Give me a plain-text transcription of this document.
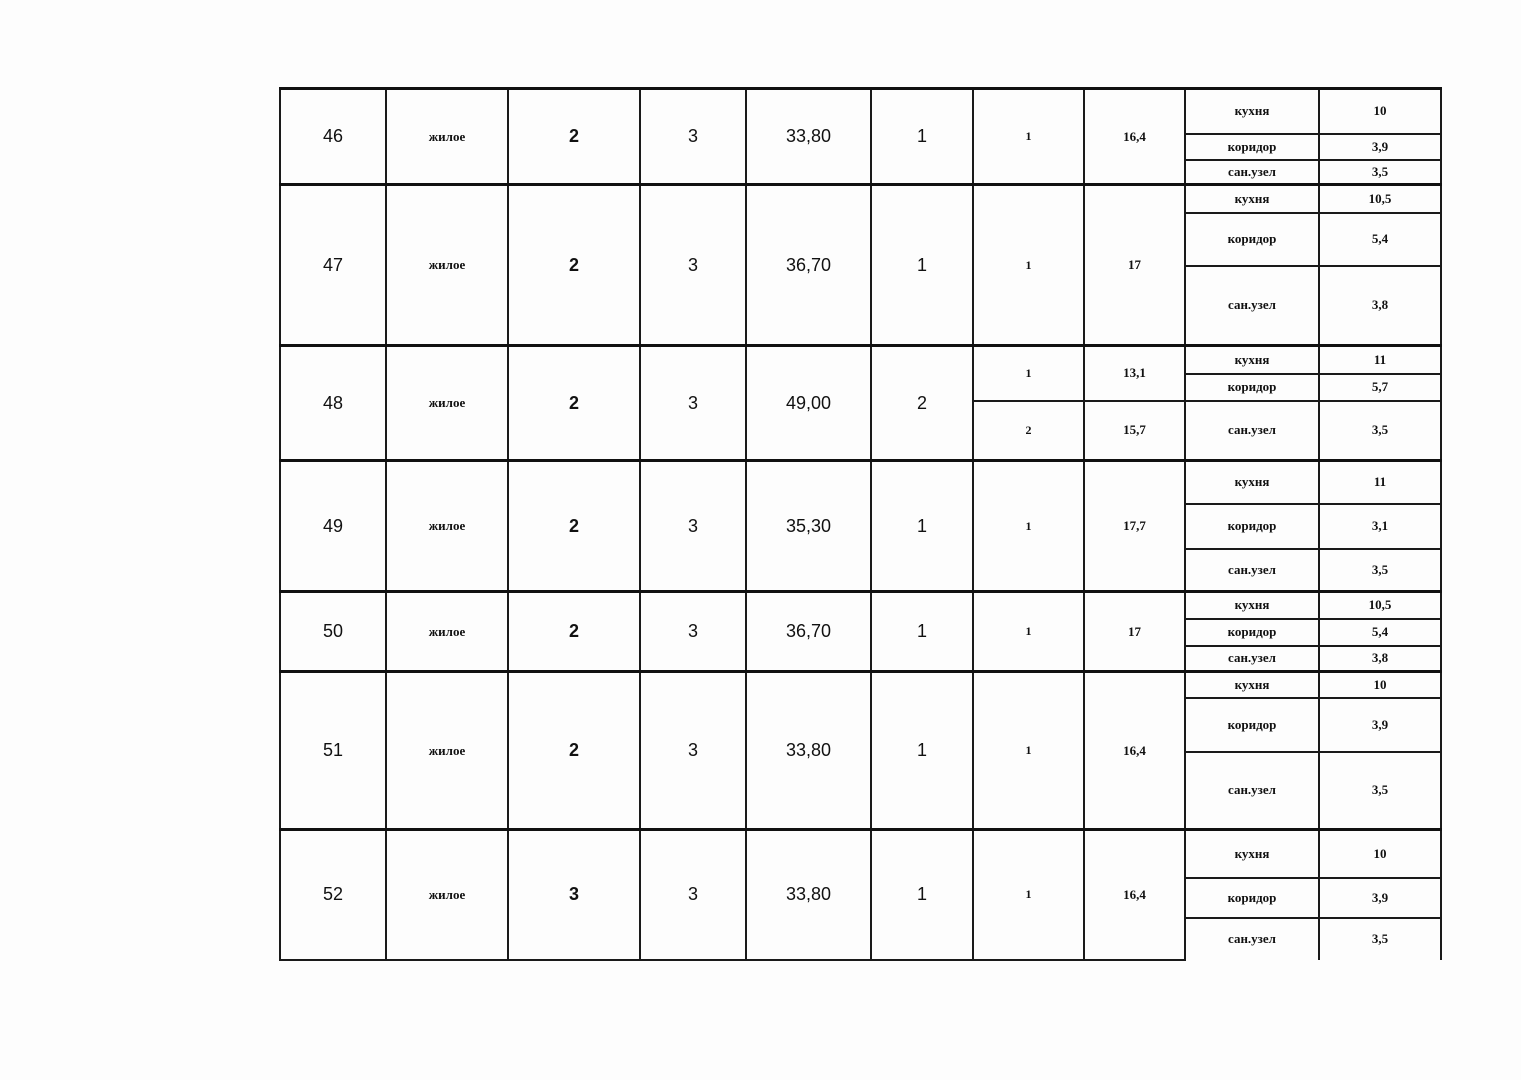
46	жилое	2	3	33,80	1	1	16,4	кухня	10
								коридор	3,9
								сан.узел	3,5
47	жилое	2	3	36,70	1	1	17	кухня	10,5
								коридор	5,4
								сан.узел	3,8
48	жилое	2	3	49,00	2	1	13,1	кухня	11
								коридор	5,7
						2	15,7	сан.узел	3,5
49	жилое	2	3	35,30	1	1	17,7	кухня	11
								коридор	3,1
								сан.узел	3,5
50	жилое	2	3	36,70	1	1	17	кухня	10,5
								коридор	5,4
								сан.узел	3,8
51	жилое	2	3	33,80	1	1	16,4	кухня	10
								коридор	3,9
								сан.узел	3,5
52	жилое	3	3	33,80	1	1	16,4	кухня	10
								коридор	3,9
								сан.узел	3,5
